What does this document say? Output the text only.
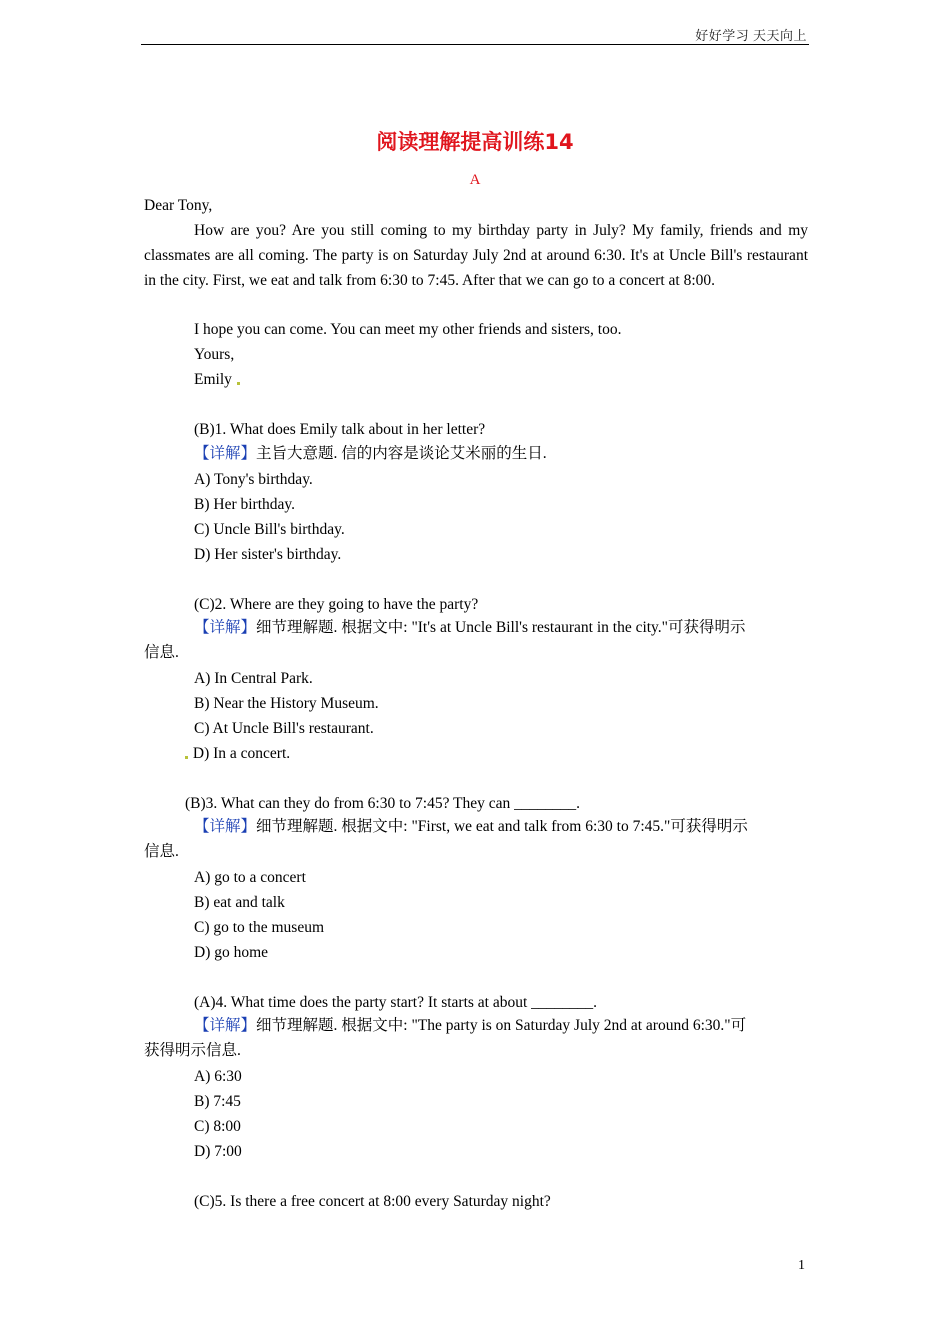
好好学习 天天向上
阅读理解提高训练14
A
Dear Tony,
How are you? Are you still coming to my birthday party in July? My family, friends and my classmates are all coming. The party is on Saturday July 2nd at around 6:30. It's at Uncle Bill's restaurant in the city. First, we eat and talk from 6:30 to 7:45. After that we can go to a concert at 8:00.
I hope you can come. You can meet my other friends and sisters, too.
Yours,
Emily
(B)1. What does Emily talk about in her letter?
【详解】主旨大意题. 信的内容是谈论艾米丽的生日.
A) Tony's birthday.
B) Her birthday.
C) Uncle Bill's birthday.
D) Her sister's birthday.
(C)2. Where are they going to have the party?
【详解】细节理解题. 根据文中: "It's at Uncle Bill's restaurant in the city."可获得明示
信息.
A) In Central Park.
B) Near the History Museum.
C) At Uncle Bill's restaurant.
D) In a concert.
(B)3. What can they do from 6:30 to 7:45? They can ________.
【详解】细节理解题. 根据文中: "First, we eat and talk from 6:30 to 7:45."可获得明示
信息.
A) go to a concert
B) eat and talk
C) go to the museum
D) go home
(A)4. What time does the party start? It starts at about ________.
【详解】细节理解题. 根据文中: "The party is on Saturday July 2nd at around 6:30."可
获得明示信息.
A) 6:30
B) 7:45
C) 8:00
D) 7:00
(C)5. Is there a free concert at 8:00 every Saturday night?
1
